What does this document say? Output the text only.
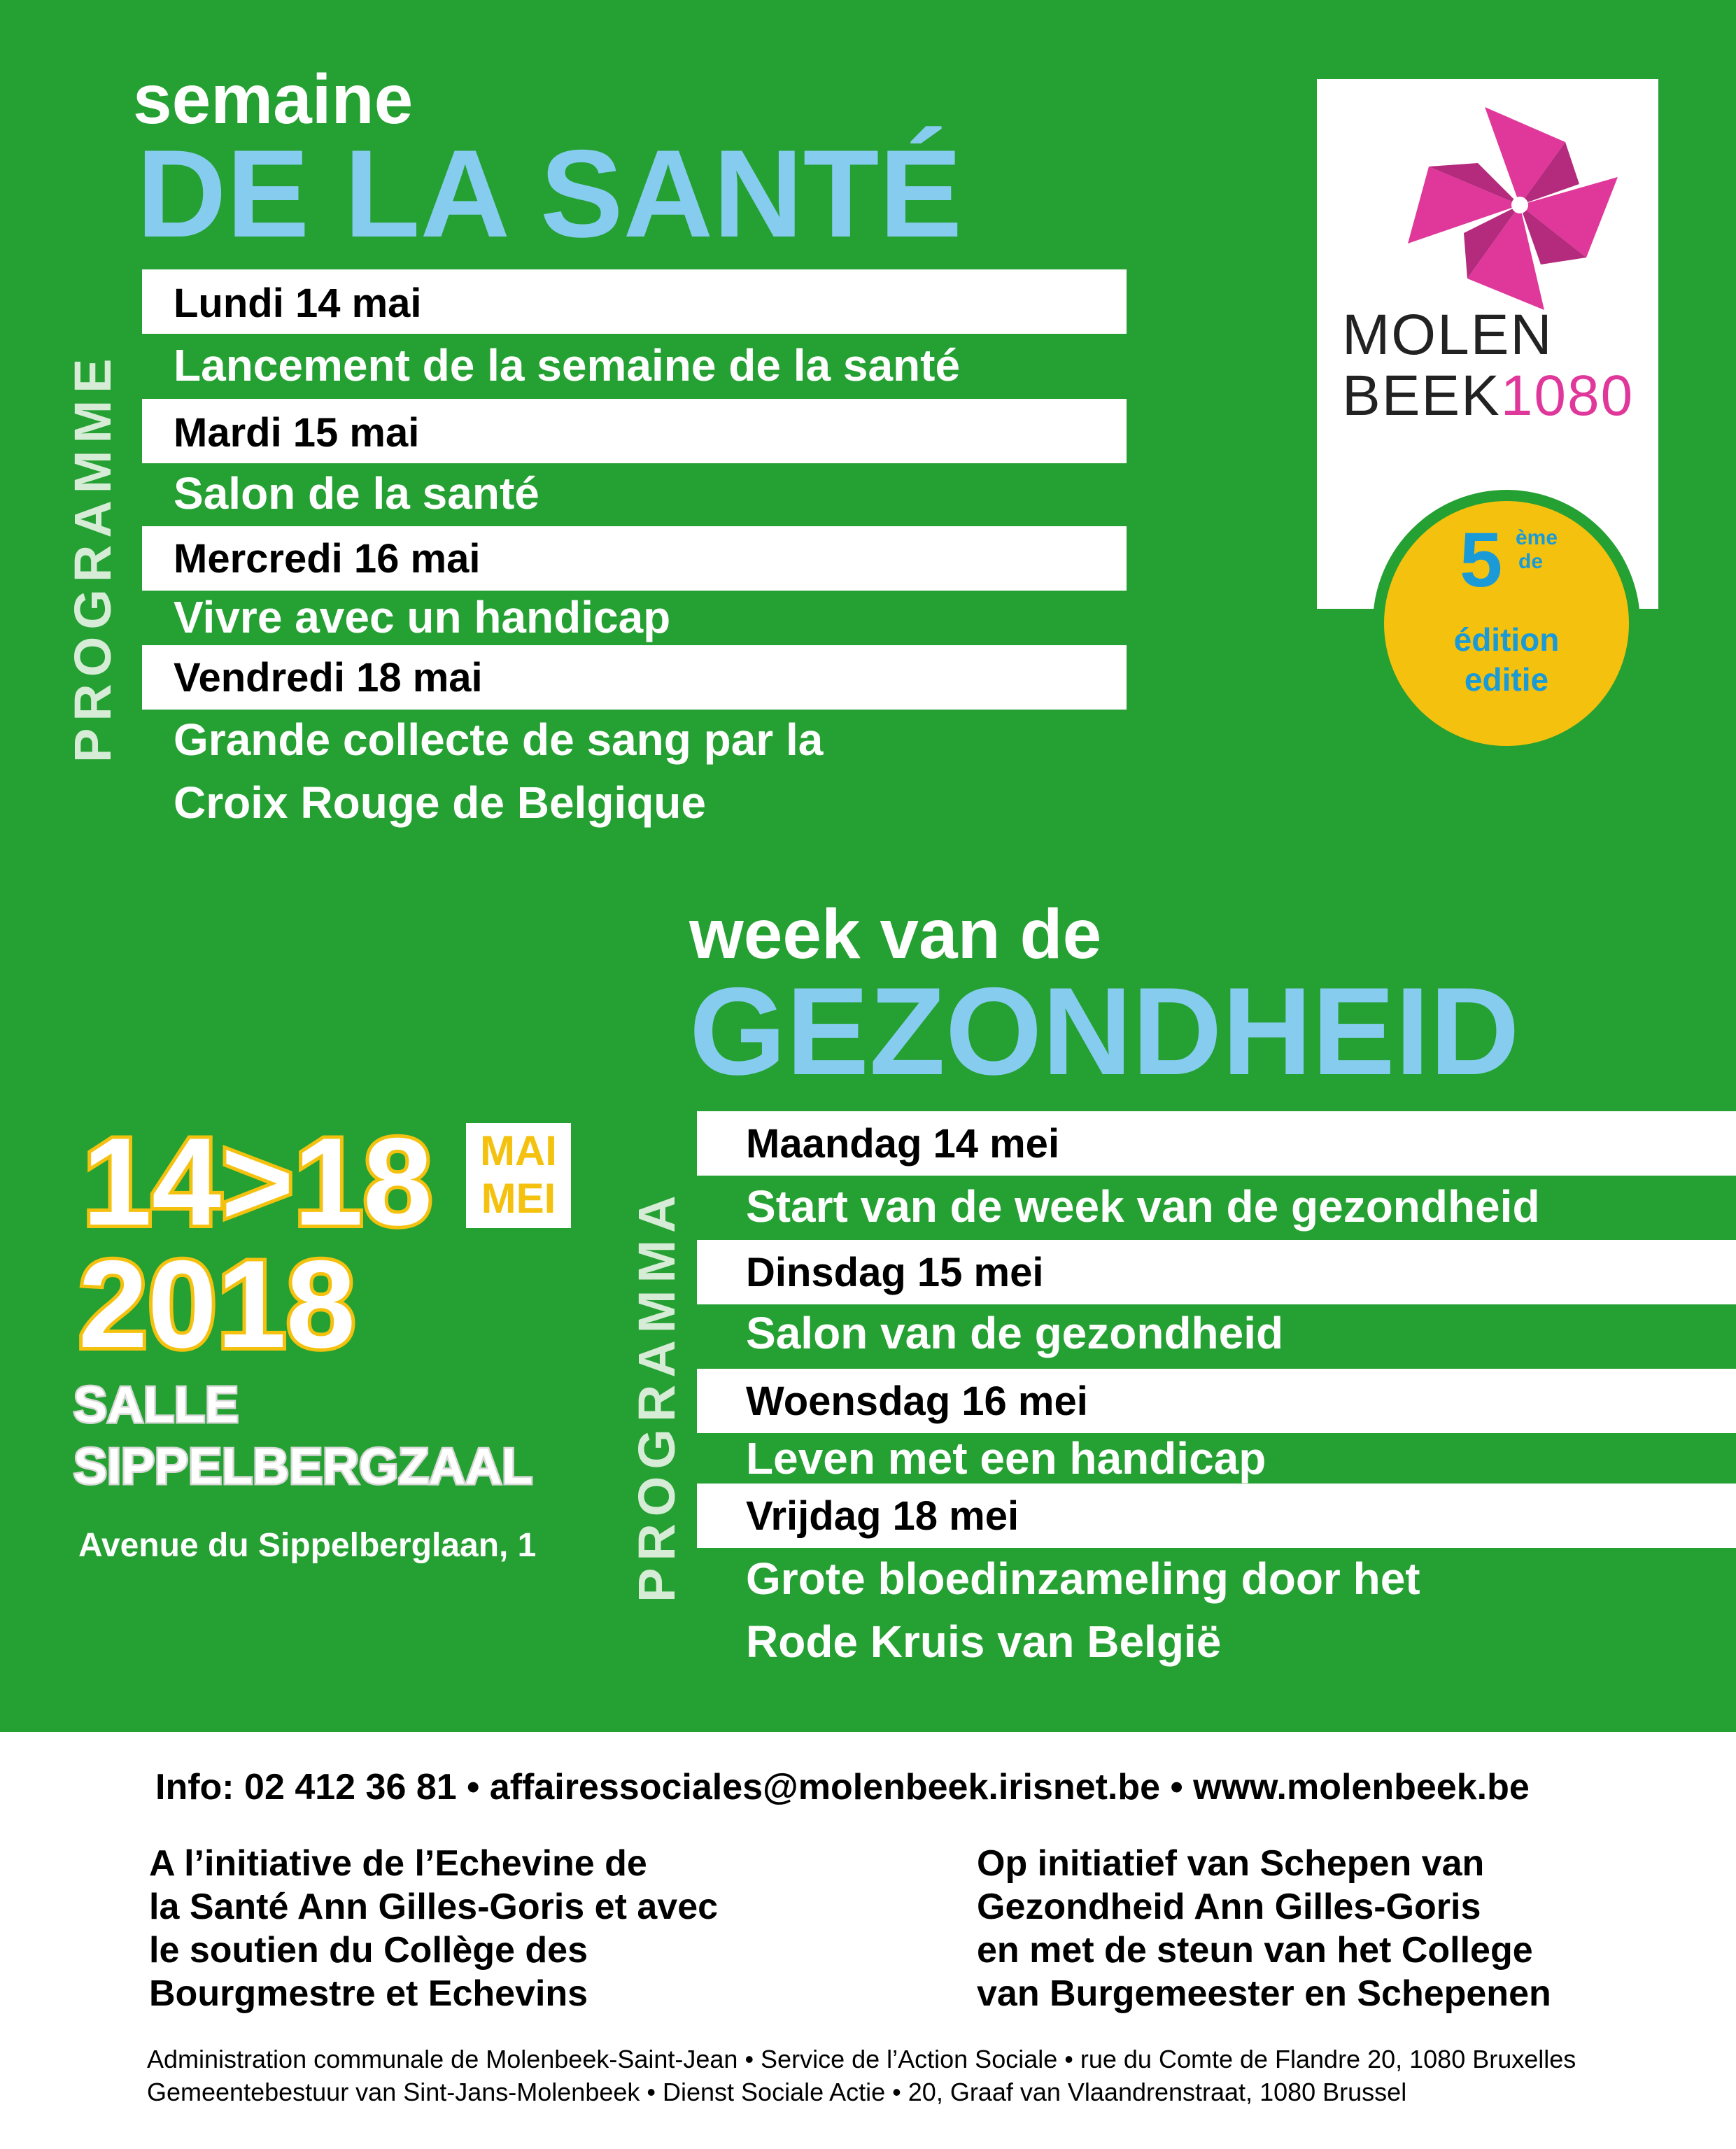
semaine
DE LA SANTÉ
PROGRAMME
Lundi 14 mai
Lancement de la semaine de la santé
Mardi 15 mai
Salon de la santé
Mercredi 16 mai
Vivre avec un handicap
Vendredi 18 mai
Grande collecte de sang par la
Croix Rouge de Belgique
MOLEN
BEEK1080
5 ème
de
édition
editie
week van de
GEZONDHEID
PROGRAMMA
Maandag 14 mei
Start van de week van de gezondheid
Dinsdag 15 mei
Salon van de gezondheid
Woensdag 16 mei
Leven met een handicap
Vrijdag 18 mei
Grote bloedinzameling door het
Rode Kruis van België
14>18	MAI
MEI
2018
SALLE
SIPPELBERGZAAL
Avenue du Sippelberglaan, 1
Info: 02 412 36 81 • affairessociales@molenbeek.irisnet.be • www.molenbeek.be
A l’initiative de l’Echevine de
la Santé Ann Gilles-Goris et avec
le soutien du Collège des
Bourgmestre et Echevins
Op initiatief van Schepen van
Gezondheid Ann Gilles-Goris
en met de steun van het College
van Burgemeester en Schepenen
Administration communale de Molenbeek-Saint-Jean • Service de l’Action Sociale • rue du Comte de Flandre 20, 1080 Bruxelles
Gemeentebestuur van Sint-Jans-Molenbeek • Dienst Sociale Actie • 20, Graaf van Vlaandrenstraat, 1080 Brussel
